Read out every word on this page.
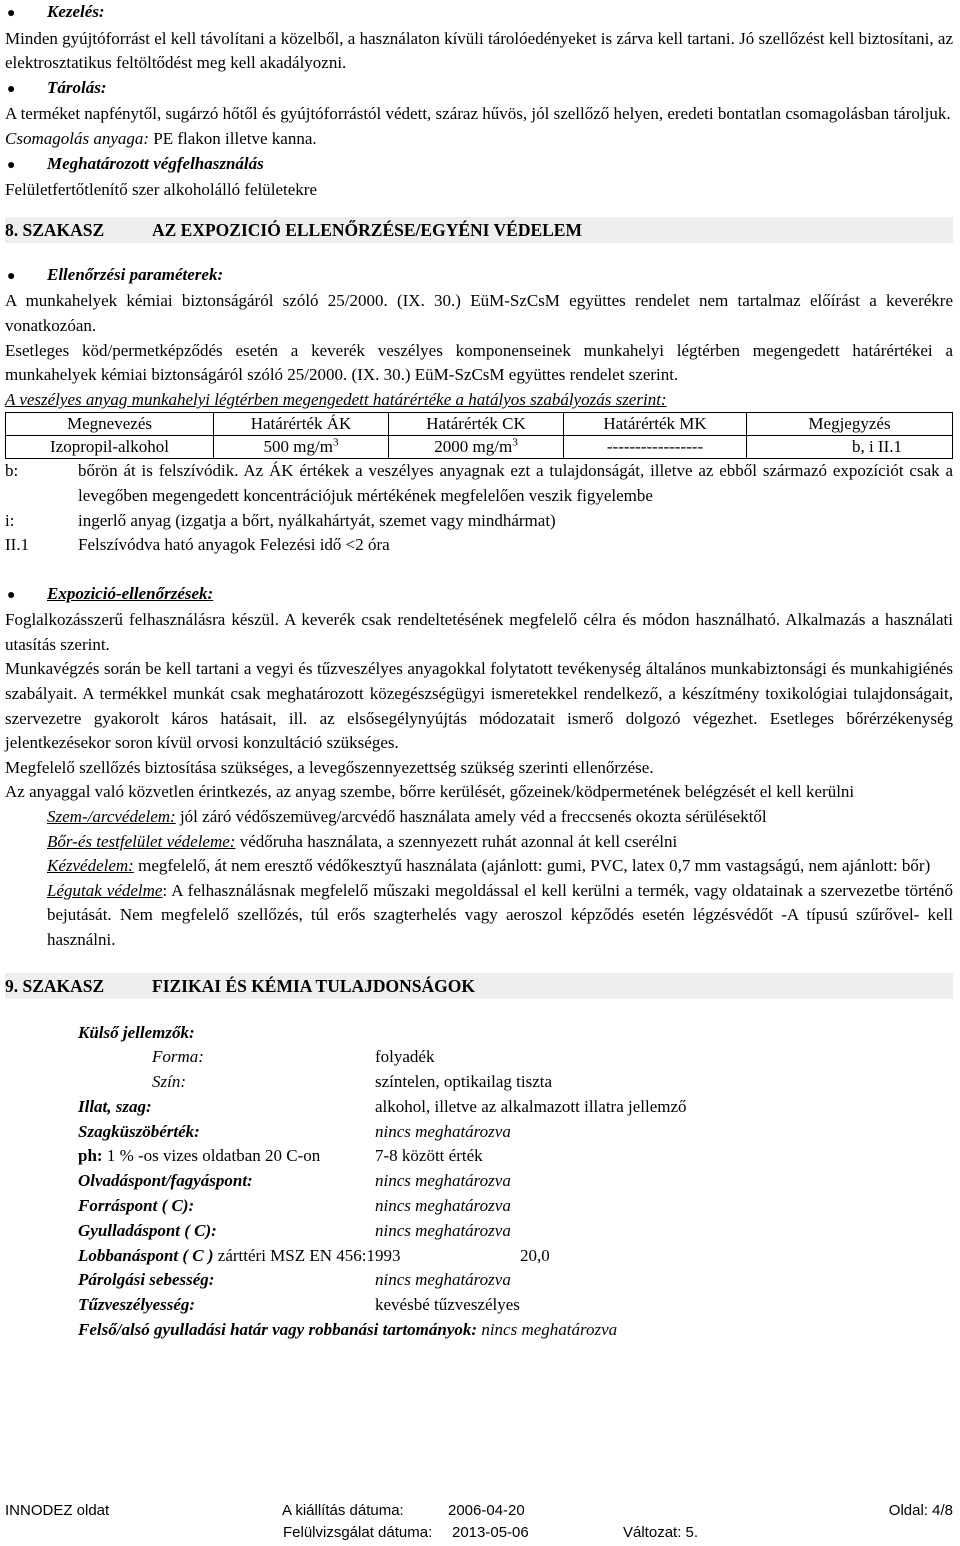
●	Kezelés:
Minden gyújtóforrást el kell távolítani a közelből, a használaton kívüli tárolóedényeket is zárva kell tartani. Jó szellőzést kell biztosítani, az elektrosztatikus feltöltődést meg kell akadályozni.
●	Tárolás:
A terméket napfénytől, sugárzó hőtől és gyújtóforrástól védett, száraz hűvös, jól szellőző helyen, eredeti bontatlan csomagolásban tároljuk.
Csomagolás anyaga: PE flakon illetve kanna.
●	Meghatározott végfelhasználás
Felületfertőtlenítő szer alkoholálló felületekre
8. SZAKASZ	AZ EXPOZICIÓ ELLENŐRZÉSE/EGYÉNI VÉDELEM
●	Ellenőrzési paraméterek:
A munkahelyek kémiai biztonságáról szóló 25/2000. (IX. 30.) EüM-SzCsM együttes rendelet nem tartalmaz előírást a keverékre vonatkozóan.
Esetleges köd/permetképződés esetén a keverék veszélyes komponenseinek munkahelyi légtérben megengedett határértékei a munkahelyek kémiai biztonságáról szóló 25/2000. (IX. 30.) EüM-SzCsM együttes rendelet szerint.
A veszélyes anyag munkahelyi légtérben megengedett határértéke a hatályos szabályozás szerint:
Megnevezés	Határérték ÁK	Határérték CK	Határérték MK	Megjegyzés
Izopropil-alkohol	500 $mg/m^3$	2000 $mg/m^3$	-----------------	b, i II.1
b:	bőrön át is felszívódik. Az ÁK értékek a veszélyes anyagnak ezt a tulajdonságát, illetve az ebből származó expozíciót csak a levegőben megengedett koncentrációjuk mértékének megfelelően veszik figyelembe
i:	ingerlő anyag (izgatja a bőrt, nyálkahártyát, szemet vagy mindhármat)
II.1	Felszívódva ható anyagok Felezési idő <2 óra
●	Expozició-ellenőrzések:
Foglalkozásszerű felhasználásra készül. A keverék csak rendeltetésének megfelelő célra és módon használható. Alkalmazás a használati utasítás szerint.
Munkavégzés során be kell tartani a vegyi és tűzveszélyes anyagokkal folytatott tevékenység általános munkabiztonsági és munkahigiénés szabályait. A termékkel munkát csak meghatározott közegészségügyi ismeretekkel rendelkező, a készítmény toxikológiai tulajdonságait, szervezetre gyakorolt káros hatásait, ill. az elsősegélynyújtás módozatait ismerő dolgozó végezhet. Esetleges bőrérzékenység jelentkezésekor soron kívül orvosi konzultáció szükséges.
Megfelelő szellőzés biztosítása szükséges, a levegőszennyezettség szükség szerinti ellenőrzése.
Az anyaggal való közvetlen érintkezés, az anyag szembe, bőrre kerülését, gőzeinek/ködpermetének belégzését el kell kerülni
Szem-/arcvédelem: jól záró védőszemüveg/arcvédő használata amely véd a freccsenés okozta sérülésektől
Bőr-és testfelület védeleme: védőruha használata, a szennyezett ruhát azonnal át kell cserélni
Kézvédelem: megfelelő, át nem eresztő védőkesztyű használata (ajánlott: gumi, PVC, latex 0,7 mm vastagságú, nem ajánlott: bőr)
Légutak védelme: A felhasználásnak megfelelő műszaki megoldással el kell kerülni a termék, vagy oldatainak a szervezetbe történő bejutását. Nem megfelelő szellőzés, túl erős szagterhelés vagy aeroszol képződés esetén légzésvédőt -A típusú szűrővel- kell használni.
9. SZAKASZ	FIZIKAI ÉS KÉMIA TULAJDONSÁGOK
Külső jellemzők:
Forma:	folyadék
Szín:	színtelen, optikailag tiszta
Illat, szag:	alkohol, illetve az alkalmazott illatra jellemző
Szagküszöbérték:	nincs meghatározva
ph: 1 % -os vizes oldatban 20 C-on	7-8 között érték
Olvadáspont/fagyáspont:	nincs meghatározva
Forráspont ( C):	nincs meghatározva
Gyulladáspont ( C):	nincs meghatározva
Lobbanáspont ( C ) zárttéri MSZ EN 456:1993	20,0
Párolgási sebesség:	nincs meghatározva
Tűzveszélyesség:	kevésbé tűzveszélyes
Felső/alsó gyulladási határ vagy robbanási tartományok: nincs meghatározva
INNODEZ oldat	A kiállítás dátuma:	2006-04-20	Oldal: 4/8
Felülvizsgálat dátuma: 2013-05-06	Változat: 5.
